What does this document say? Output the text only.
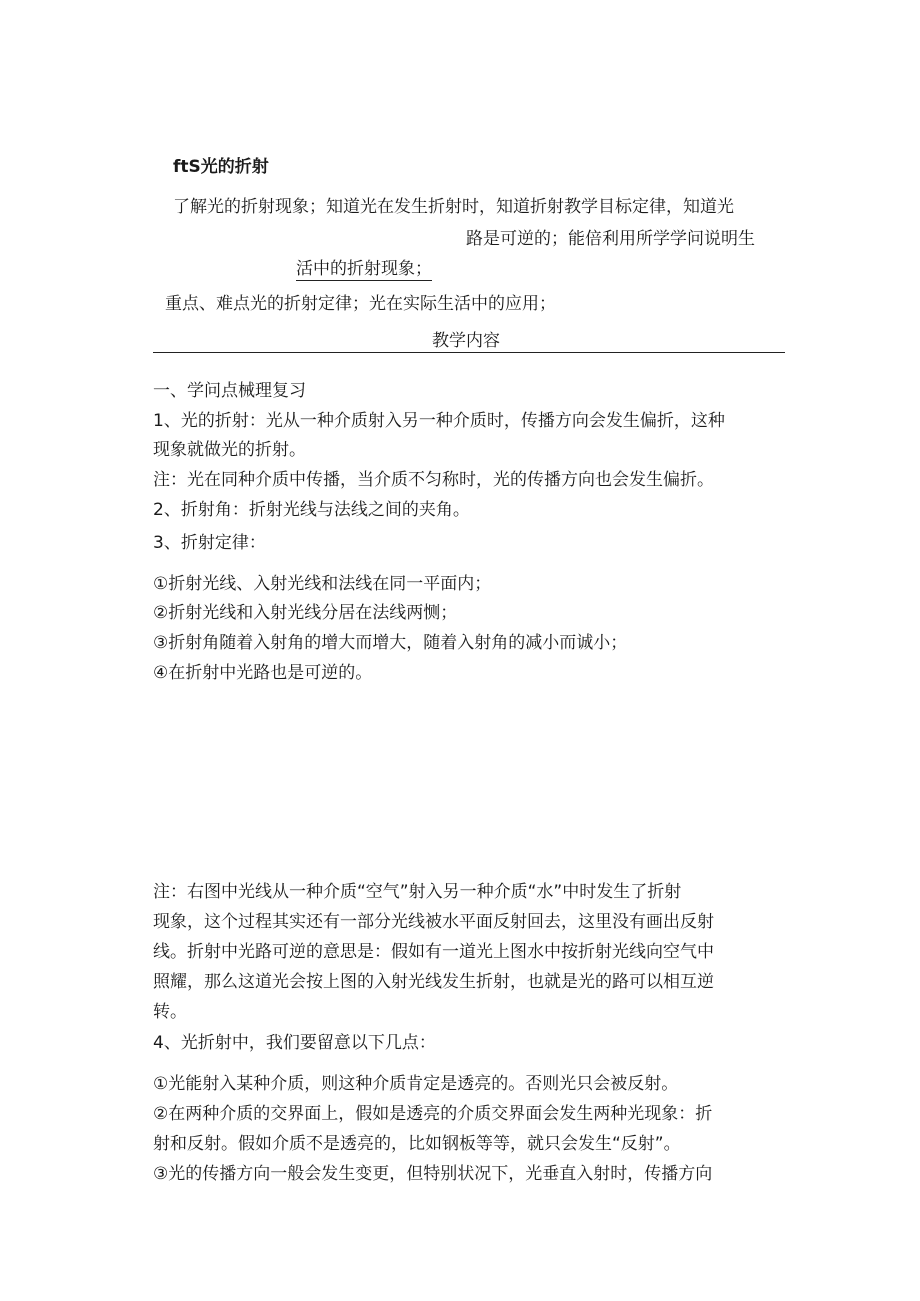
ftS光的折射
了解光的折射现象；知道光在发生折射时，知道折射教学目标定律，知道光
路是可逆的；能倍利用所学学问说明生
活中的折射现象；
重点、难点光的折射定律；光在实际生活中的应用；
教学内容
一、学问点械理复习
1、光的折射：光从一种介质射入另一种介质时，传播方向会发生偏折，这种
现象就做光的折射。
注：光在同种介质中传播，当介质不匀称时，光的传播方向也会发生偏折。
2、折射角：折射光线与法线之间的夹角。
3、折射定律：
①折射光线、入射光线和法线在同一平面内；
②折射光线和入射光线分居在法线两恻；
③折射角随着入射角的增大而增大，随着入射角的减小而诚小；
④在折射中光路也是可逆的。
注：右图中光线从一种介质“空气”射入另一种介质“水”中时发生了折射
现象，这个过程其实还有一部分光线被水平面反射回去，这里没有画出反射
线。折射中光路可逆的意思是：假如有一道光上图水中按折射光线向空气中
照耀，那么这道光会按上图的入射光线发生折射，也就是光的路可以相互逆
转。
4、光折射中，我们要留意以下几点：
①光能射入某种介质，则这种介质肯定是透亮的。否则光只会被反射。
②在两种介质的交界面上，假如是透亮的介质交界面会发生两种光现象：折
射和反射。假如介质不是透亮的，比如钢板等等，就只会发生“反射”。
③光的传播方向一般会发生变更，但特别状况下，光垂直入射时，传播方向
